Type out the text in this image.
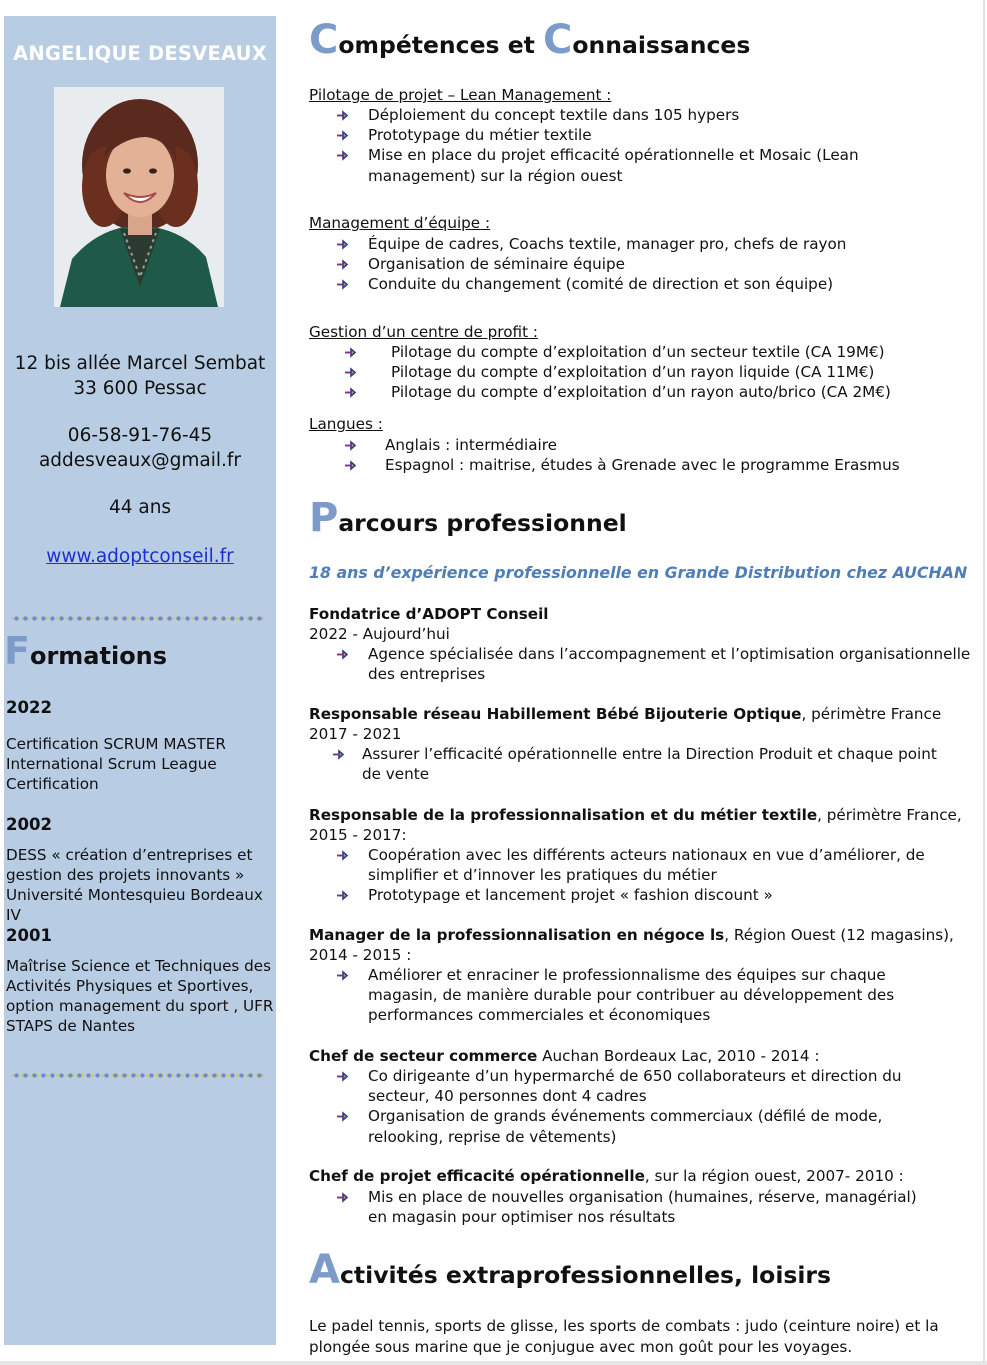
ANGELIQUE DESVEAUX
12 bis allée Marcel Sembat
33 600 Pessac
06-58-91-76-45
addesveaux@gmail.fr
44 ans
www.adoptconseil.fr
Formations
2022
Certification SCRUM MASTER
International Scrum League
Certification
2002
DESS « création d’entreprises et
gestion des projets innovants »
Université Montesquieu Bordeaux IV
2001
Maîtrise Science et Techniques des
Activités Physiques et Sportives,
option management du sport , UFR
STAPS de Nantes
Compétences et Connaissances
Pilotage de projet – Lean Management :
Déploiement du concept textile dans 105 hypers
Prototypage du métier textile
Mise en place du projet efficacité opérationnelle et Mosaic (Lean management) sur la région ouest
Management d’équipe :
Équipe de cadres, Coachs textile, manager pro, chefs de rayon
Organisation de séminaire équipe
Conduite du changement (comité de direction et son équipe)
Gestion d’un centre de profit :
Pilotage du compte d’exploitation d’un secteur textile (CA 19M€)
Pilotage du compte d’exploitation d’un rayon liquide (CA 11M€)
Pilotage du compte d’exploitation d’un rayon auto/brico (CA 2M€)
Langues :
Anglais : intermédiaire
Espagnol : maitrise, études à Grenade avec le programme Erasmus
Parcours professionnel
18 ans d’expérience professionnelle en Grande Distribution chez AUCHAN
Fondatrice d’ADOPT Conseil
2022 - Aujourd’hui
Agence spécialisée dans l’accompagnement et l’optimisation organisationnelle des entreprises
Responsable réseau Habillement Bébé Bijouterie Optique, périmètre France
2017 - 2021
Assurer l’efficacité opérationnelle entre la Direction Produit et chaque point de vente
Responsable de la professionnalisation et du métier textile, périmètre France,
2015 - 2017:
Coopération avec les différents acteurs nationaux en vue d’améliorer, de simplifier et d’innover les pratiques du métier
Prototypage et lancement projet « fashion discount »
Manager de la professionnalisation en négoce ls, Région Ouest (12 magasins),
2014 - 2015 :
Améliorer et enraciner le professionnalisme des équipes sur chaque magasin, de manière durable pour contribuer au développement des performances commerciales et économiques
Chef de secteur commerce Auchan Bordeaux Lac, 2010 - 2014 :
Co dirigeante d’un hypermarché de 650 collaborateurs et direction du secteur, 40 personnes dont 4 cadres
Organisation de grands événements commerciaux (défilé de mode, relooking, reprise de vêtements)
Chef de projet efficacité opérationnelle, sur la région ouest, 2007- 2010 :
Mis en place de nouvelles organisation (humaines, réserve, managérial) en magasin pour optimiser nos résultats
Activités extraprofessionnelles, loisirs
Le padel tennis, sports de glisse, les sports de combats : judo (ceinture noire) et la plongée sous marine que je conjugue avec mon goût pour les voyages.
